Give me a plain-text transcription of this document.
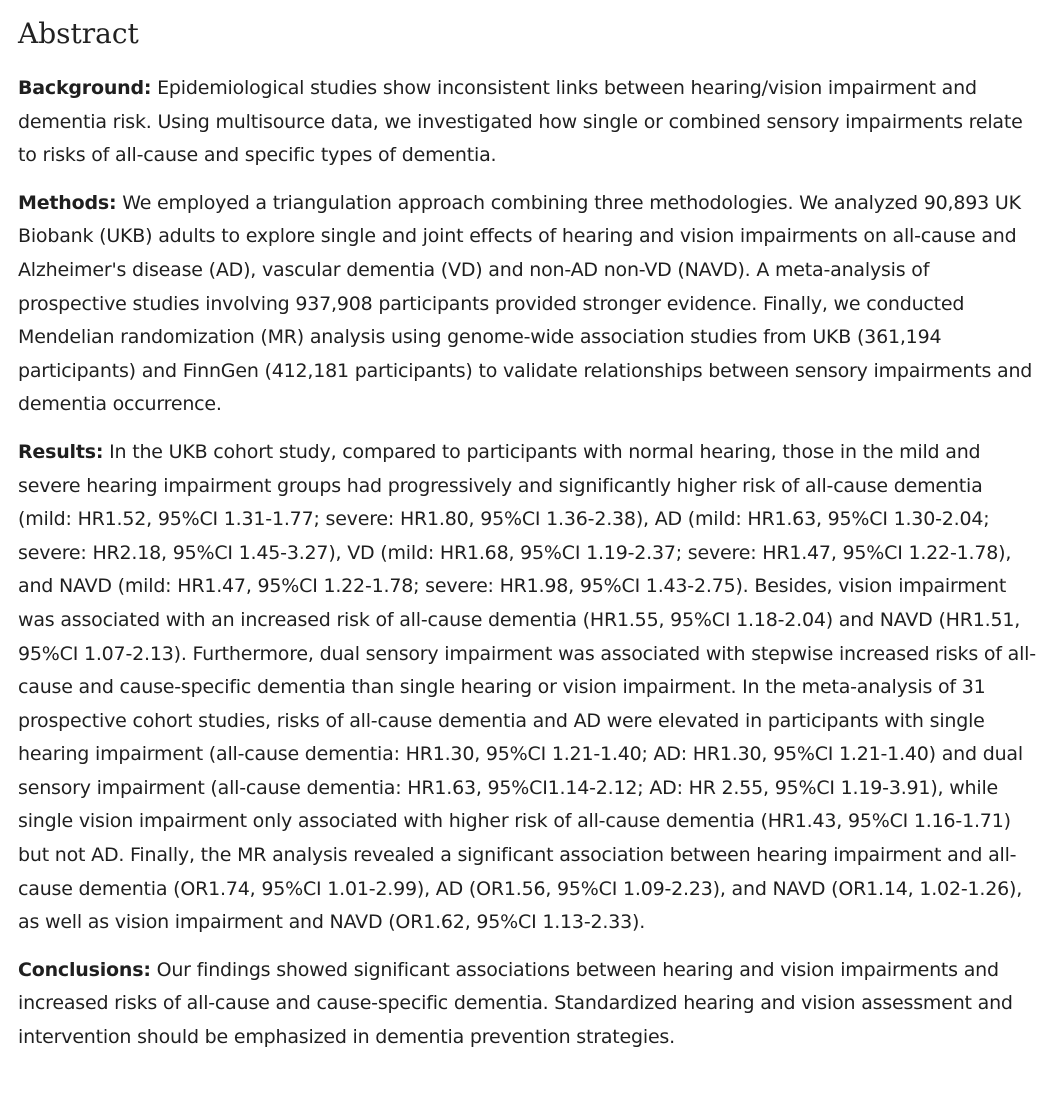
Abstract

Background: Epidemiological studies show inconsistent links between hearing/vision impairment and dementia risk. Using multisource data, we investigated how single or combined sensory impairments relate to risks of all-cause and specific types of dementia.

Methods: We employed a triangulation approach combining three methodologies. We analyzed 90,893 UK Biobank (UKB) adults to explore single and joint effects of hearing and vision impairments on all-cause and Alzheimer's disease (AD), vascular dementia (VD) and non-AD non-VD (NAVD). A meta-analysis of prospective studies involving 937,908 participants provided stronger evidence. Finally, we conducted Mendelian randomization (MR) analysis using genome-wide association studies from UKB (361,194 participants) and FinnGen (412,181 participants) to validate relationships between sensory impairments and dementia occurrence.

Results: In the UKB cohort study, compared to participants with normal hearing, those in the mild and severe hearing impairment groups had progressively and significantly higher risk of all-cause dementia (mild: HR1.52, 95%CI 1.31-1.77; severe: HR1.80, 95%CI 1.36-2.38), AD (mild: HR1.63, 95%CI 1.30-2.04; severe: HR2.18, 95%CI 1.45-3.27), VD (mild: HR1.68, 95%CI 1.19-2.37; severe: HR1.47, 95%CI 1.22-1.78), and NAVD (mild: HR1.47, 95%CI 1.22-1.78; severe: HR1.98, 95%CI 1.43-2.75). Besides, vision impairment was associated with an increased risk of all-cause dementia (HR1.55, 95%CI 1.18-2.04) and NAVD (HR1.51, 95%CI 1.07-2.13). Furthermore, dual sensory impairment was associated with stepwise increased risks of all-cause and cause-specific dementia than single hearing or vision impairment. In the meta-analysis of 31 prospective cohort studies, risks of all-cause dementia and AD were elevated in participants with single hearing impairment (all-cause dementia: HR1.30, 95%CI 1.21-1.40; AD: HR1.30, 95%CI 1.21-1.40) and dual sensory impairment (all-cause dementia: HR1.63, 95%CI1.14-2.12; AD: HR 2.55, 95%CI 1.19-3.91), while single vision impairment only associated with higher risk of all-cause dementia (HR1.43, 95%CI 1.16-1.71) but not AD. Finally, the MR analysis revealed a significant association between hearing impairment and all-cause dementia (OR1.74, 95%CI 1.01-2.99), AD (OR1.56, 95%CI 1.09-2.23), and NAVD (OR1.14, 1.02-1.26), as well as vision impairment and NAVD (OR1.62, 95%CI 1.13-2.33).

Conclusions: Our findings showed significant associations between hearing and vision impairments and increased risks of all-cause and cause-specific dementia. Standardized hearing and vision assessment and intervention should be emphasized in dementia prevention strategies.
